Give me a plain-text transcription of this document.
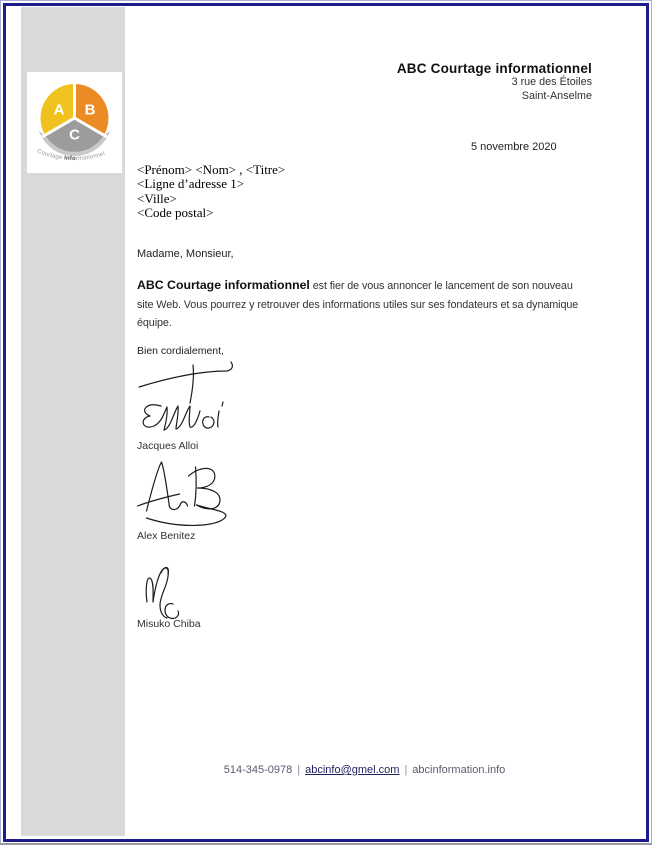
A B
C
Courtage Informationnel
ABC Courtage informationnel
3 rue des Étoiles
Saint-Anselme
5 novembre 2020
<Prénom> <Nom> , <Titre>
<Ligne d’adresse 1>
<Ville>
<Code postal>
Madame, Monsieur,
ABC Courtage informationnel est fier de vous annoncer le lancement de son nouveau
site Web. Vous pourrez y retrouver des informations utiles sur ses fondateurs et sa dynamique
équipe.
Bien cordialement,
Jacques Alloi
Alex Benitez
Misuko Chiba
514-345-0978 | abcinfo@gmel.com | abcinformation.info
